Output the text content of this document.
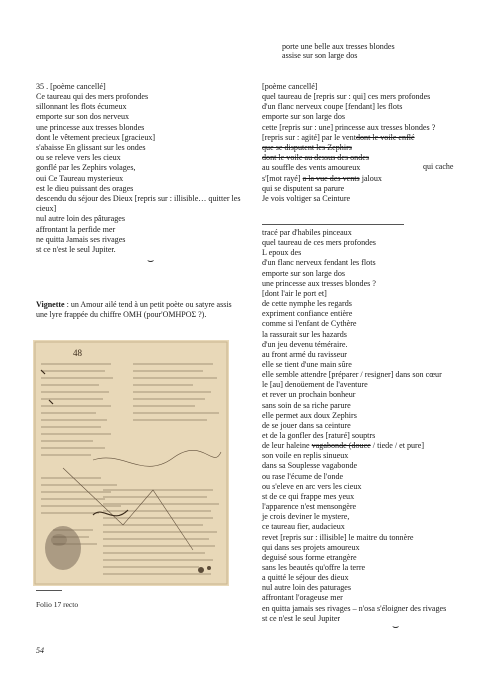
porte une belle aux tresses blondes
assise sur son large dos
35 . [poème cancellé]
Ce taureau qui des mers profondes
sillonnant les flots écumeux
emporte sur son dos nerveux
une princesse aux tresses blondes
dont le vêtement precieux [gracieux]
s'abaisse En glissant sur les ondes
ou se releve vers les cieux
gonflé par les Zephirs volages,
oui Ce Taureau mysterieux
est le dieu puissant des orages
descendu du séjour des Dieux [repris sur : illisible… quitter les
cieux]
nul autre loin des pâturages
affrontant la perfide mer
ne quitta Jamais ses rivages
st ce n'est le seul Jupiter.
⌣
Vignette : un Amour ailé tend à un petit poète ou satyre assis
une lyre frappée du chiffre ΟΜΗ (pour'ΟΜΗΡΟΣ ?).
48
Folio 17 recto
54
[poème cancellé]
quel taureau de [repris sur : qui] ces mers profondes
d'un flanc nerveux coupe [fendant] les flots
emporte sur son large dos
cette [repris sur : une] princesse aux tresses blondes ?
[repris sur : agité] par le ventdont le voile enflé
que se disputent les Zephirs
dont le voile au dessus des ondes
au souffle des vents amoureux
s'[mot rayé] a la vue des vents jaloux
qui se disputent sa parure
Je vois voltiger sa Ceinture
tracé par d'habiles pinceaux
quel taureau de ces mers profondes
L epoux des
d'un flanc nerveux fendant les flots
emporte sur son large dos
une princesse aux tresses blondes ?
[dont l'air le port et]
de cette nymphe les regards
expriment confiance entière
comme si l'enfant de Cythère
la rassurait sur les hazards
d'un jeu devenu téméraire.
au front armé du ravisseur
elle se tient d'une main sûre
elle semble attendre [préparer / resigner] dans son cœur
le [au] denoüement de l'aventure
et rever un prochain bonheur
sans soin de sa riche parure
elle permet aux doux Zephirs
de se jouer dans sa ceinture
et de la gonfler des [raturé] souptrs
de leur haleine vagabonde (douce / tiede / et pure]
son voile en replis sinueux
dans sa Souplesse vagabonde
ou rase l'écume de l'onde
ou s'eleve en arc vers les cieux
st de ce qui frappe mes yeux
l'apparence n'est mensongère
je crois deviner le mystere,
ce taureau fier, audacieux
revet [repris sur : illisible] le maitre du tonnère
qui dans ses projets amoureux
deguisé sous forme etrangère
sans les beautés qu'offre la terre
a quitté le séjour des dieux
nul autre loin des paturages
affrontant l'orageuse mer
en quitta jamais ses rivages – n'osa s'éloigner des rivages
st ce n'est le seul Jupiter
qui cache
⌣
